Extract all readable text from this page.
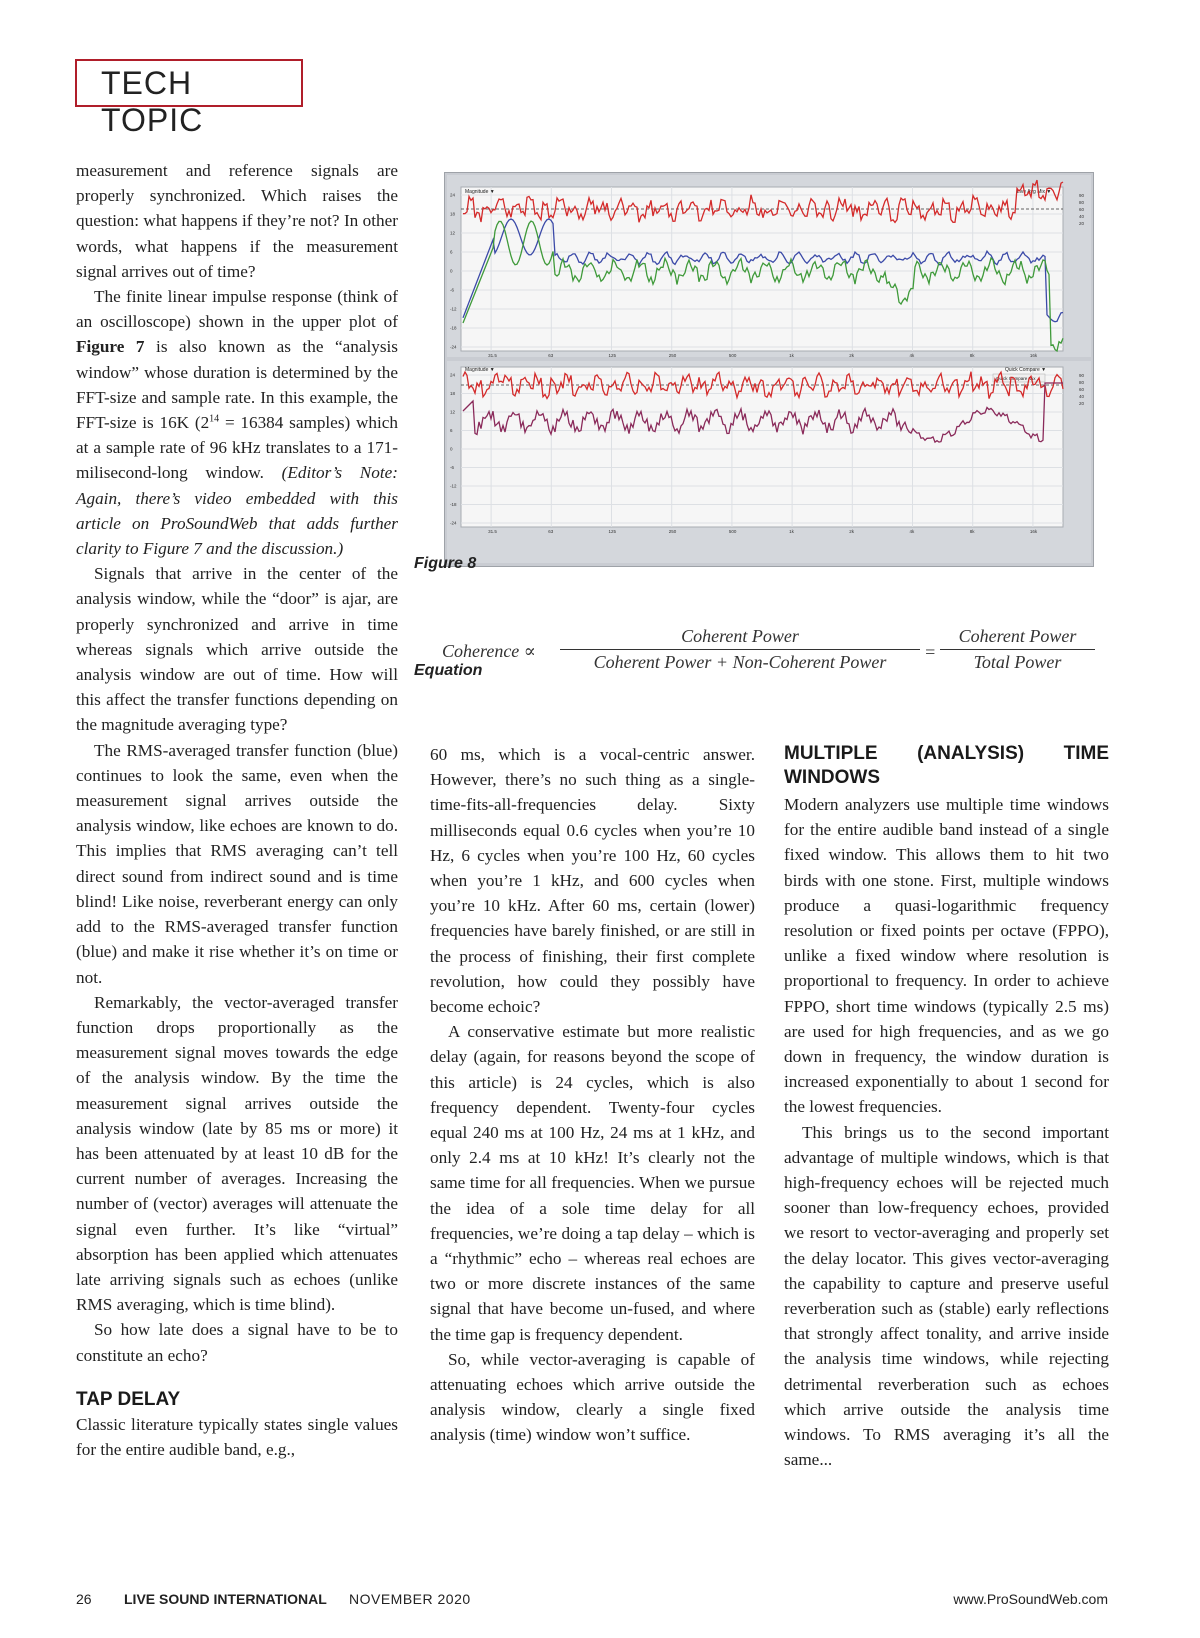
TECH TOPIC

measurement and reference signals are properly synchronized. Which raises the question: what happens if they’re not? In other words, what happens if the measurement signal arrives out of time?

The finite linear impulse response (think of an oscilloscope) shown in the upper plot of Figure 7 is also known as the “analysis window” whose duration is determined by the FFT-size and sample rate. In this example, the FFT-size is 16K ($2^{14} = 16384$ samples) which at a sample rate of 96 kHz translates to a 171-milisecond-long window. (Editor’s Note: Again, there’s video embedded with this article on ProSoundWeb that adds further clarity to Figure 7 and the discussion.)

Signals that arrive in the center of the analysis window, while the “door” is ajar, are properly synchronized and arrive in time whereas signals which arrive outside the analysis window are out of time. How will this affect the transfer functions depending on the magnitude averaging type?

The RMS-averaged transfer function (blue) continues to look the same, even when the measurement signal arrives outside the analysis window, like echoes are known to do. This implies that RMS averaging can’t tell direct sound from indirect sound and is time blind! Like noise, reverberant energy can only add to the RMS-averaged transfer function (blue) and make it rise whether it’s on time or not.

Remarkably, the vector-averaged transfer function drops proportionally as the measurement signal moves towards the edge of the analysis window. By the time the measurement signal arrives outside the analysis window (late by 85 ms or more) it has been attenuated by at least 10 dB for the current number of averages. Increasing the number of (vector) averages will attenuate the signal even further. It’s like “virtual” absorption has been applied which attenuates late arriving signals such as echoes (unlike RMS averaging, which is time blind).

So how late does a signal have to be to constitute an echo?

TAP DELAY

Classic literature typically states single values for the entire audible band, e.g.,

31.5	63	125	250	500	1k	2k	4k	8k	16k
24
18
12
6
0
-6
-12
-18
-24
90
80
60
40
20
31.5	63	125	250	500	1k	2k	4k	8k	16k
24
18
12
6
0
-6
-12
-18
-24
90
80
60
40
20
Magnitude ▼	Live Avg Mix ▼
Magnitude ▼	Quick Compare ▼
Quick Compare Mix
Figure 8
Coherence ∝
Coherent Power
Coherent Power + Non-Coherent Power	=
Coherent Power
Total Power
Equation

60 ms, which is a vocal-centric answer. However, there’s no such thing as a single-time-fits-all-frequencies delay. Sixty milliseconds equal 0.6 cycles when you’re 10 Hz, 6 cycles when you’re 100 Hz, 60 cycles when you’re 1 kHz, and 600 cycles when you’re 10 kHz. After 60 ms, certain (lower) frequencies have barely finished, or are still in the process of finishing, their first complete revolution, how could they possibly have become echoic?

A conservative estimate but more realistic delay (again, for reasons beyond the scope of this article) is 24 cycles, which is also frequency dependent. Twenty-four cycles equal 240 ms at 100 Hz, 24 ms at 1 kHz, and only 2.4 ms at 10 kHz! It’s clearly not the same time for all frequencies. When we pursue the idea of a sole time delay for all frequencies, we’re doing a tap delay – which is a “rhythmic” echo – whereas real echoes are two or more discrete instances of the same signal that have become un-fused, and where the time gap is frequency dependent.

So, while vector-averaging is capable of attenuating echoes which arrive outside the analysis window, clearly a single fixed analysis (time) window won’t suffice.

MULTIPLE (ANALYSIS) TIME WINDOWS

Modern analyzers use multiple time windows for the entire audible band instead of a single fixed window. This allows them to hit two birds with one stone. First, multiple windows produce a quasi-logarithmic frequency resolution or fixed points per octave (FPPO), unlike a fixed window where resolution is proportional to frequency. In order to achieve FPPO, short time windows (typically 2.5 ms) are used for high frequencies, and as we go down in frequency, the window duration is increased exponentially to about 1 second for the lowest frequencies.

This brings us to the second important advantage of multiple windows, which is that high-frequency echoes will be rejected much sooner than low-frequency echoes, provided we resort to vector-averaging and properly set the delay locator. This gives vector-averaging the capability to capture and preserve useful reverberation such as (stable) early reflections that strongly affect tonality, and arrive inside the analysis time windows, while rejecting detrimental reverberation such as echoes which arrive outside the analysis time windows. To RMS averaging it’s all the same...

26 LIVE SOUND INTERNATIONAL NOVEMBER 2020	www.ProSoundWeb.com
